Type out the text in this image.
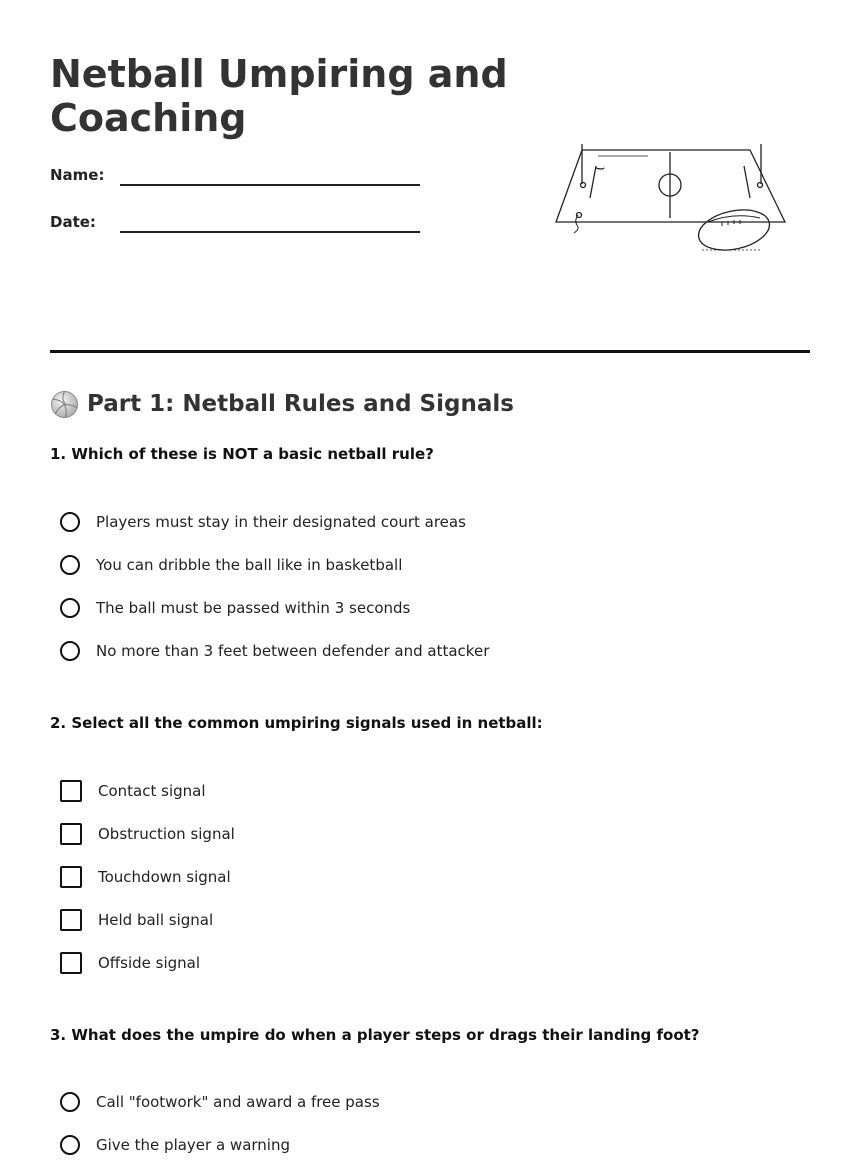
Netball Umpiring and Coaching
Name:
Date:
Part 1: Netball Rules and Signals
1. Which of these is NOT a basic netball rule?
Players must stay in their designated court areas
You can dribble the ball like in basketball
The ball must be passed within 3 seconds
No more than 3 feet between defender and attacker
2. Select all the common umpiring signals used in netball:
Contact signal
Obstruction signal
Touchdown signal
Held ball signal
Offside signal
3. What does the umpire do when a player steps or drags their landing foot?
Call "footwork" and award a free pass
Give the player a warning
